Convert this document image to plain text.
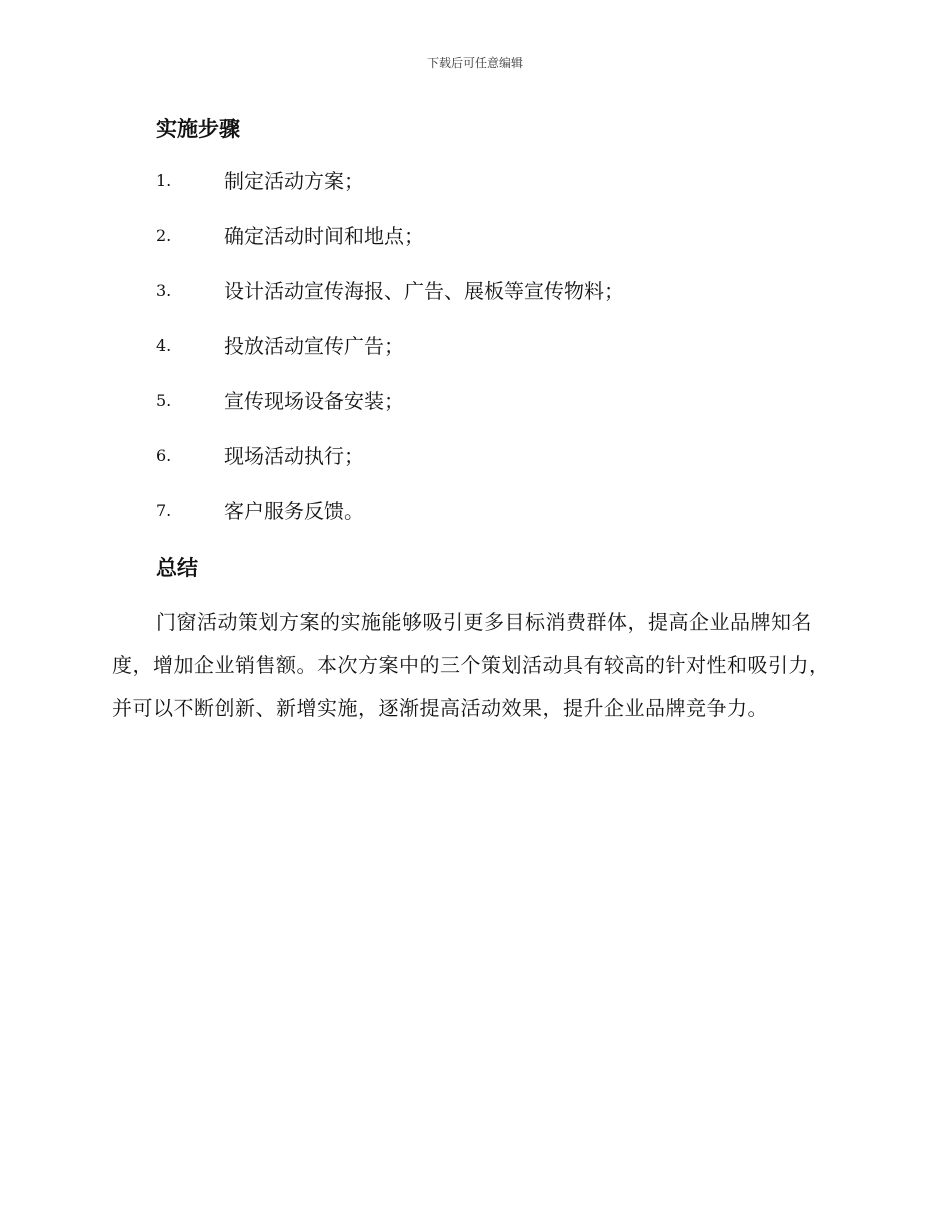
下载后可任意编辑
实施步骤
1.	制定活动方案；
2.	确定活动时间和地点；
3.	设计活动宣传海报、广告、展板等宣传物料；
4.	投放活动宣传广告；
5.	宣传现场设备安装；
6.	现场活动执行；
7.	客户服务反馈。
总结

门窗活动策划方案的实施能够吸引更多目标消费群体，提高企业品牌知名度，增加企业销售额。本次方案中的三个策划活动具有较高的针对性和吸引力，并可以不断创新、新增实施，逐渐提高活动效果，提升企业品牌竞争力。
